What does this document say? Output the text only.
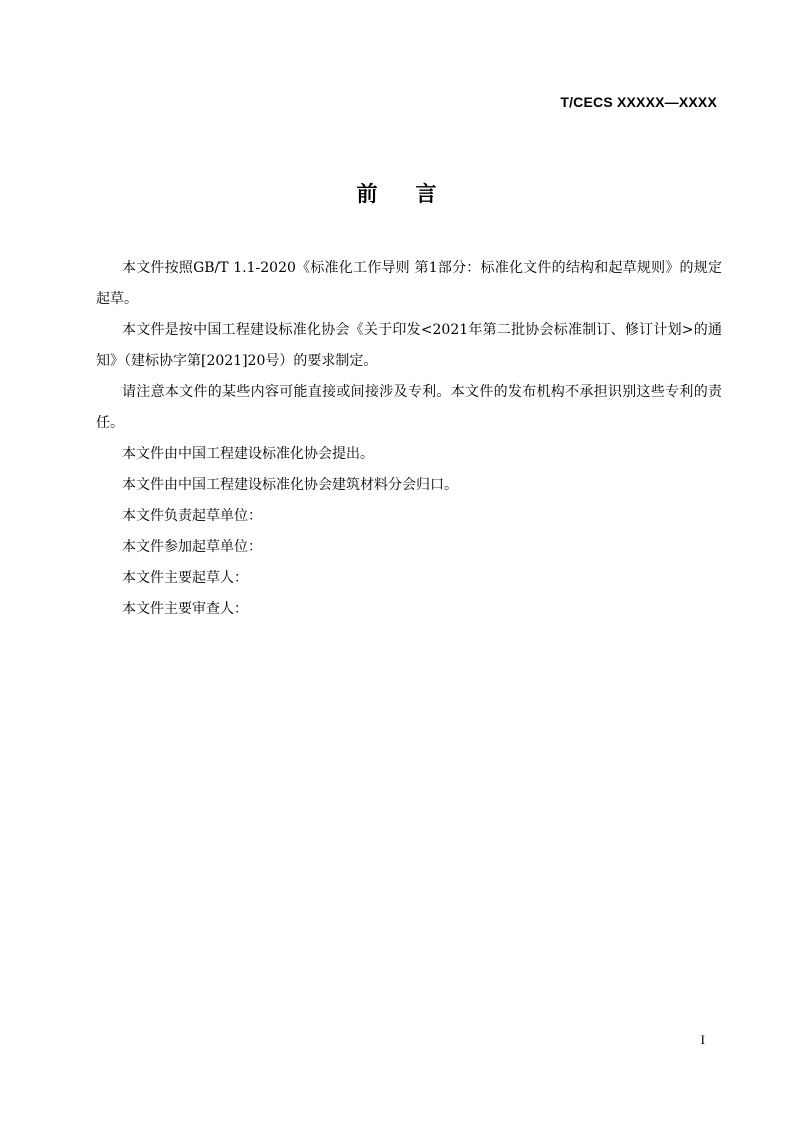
T/CECS XXXXX—XXXX
前言

本文件按照GB/T 1.1-2020《标准化工作导则 第1部分：标准化文件的结构和起草规则》的规定起草。

本文件是按中国工程建设标准化协会《关于印发<2021年第二批协会标准制订、修订计划>的通知》（建标协字第[2021]20号）的要求制定。

请注意本文件的某些内容可能直接或间接涉及专利。本文件的发布机构不承担识别这些专利的责任。

本文件由中国工程建设标准化协会提出。

本文件由中国工程建设标准化协会建筑材料分会归口。

本文件负责起草单位：

本文件参加起草单位：

本文件主要起草人：

本文件主要审查人：

I
